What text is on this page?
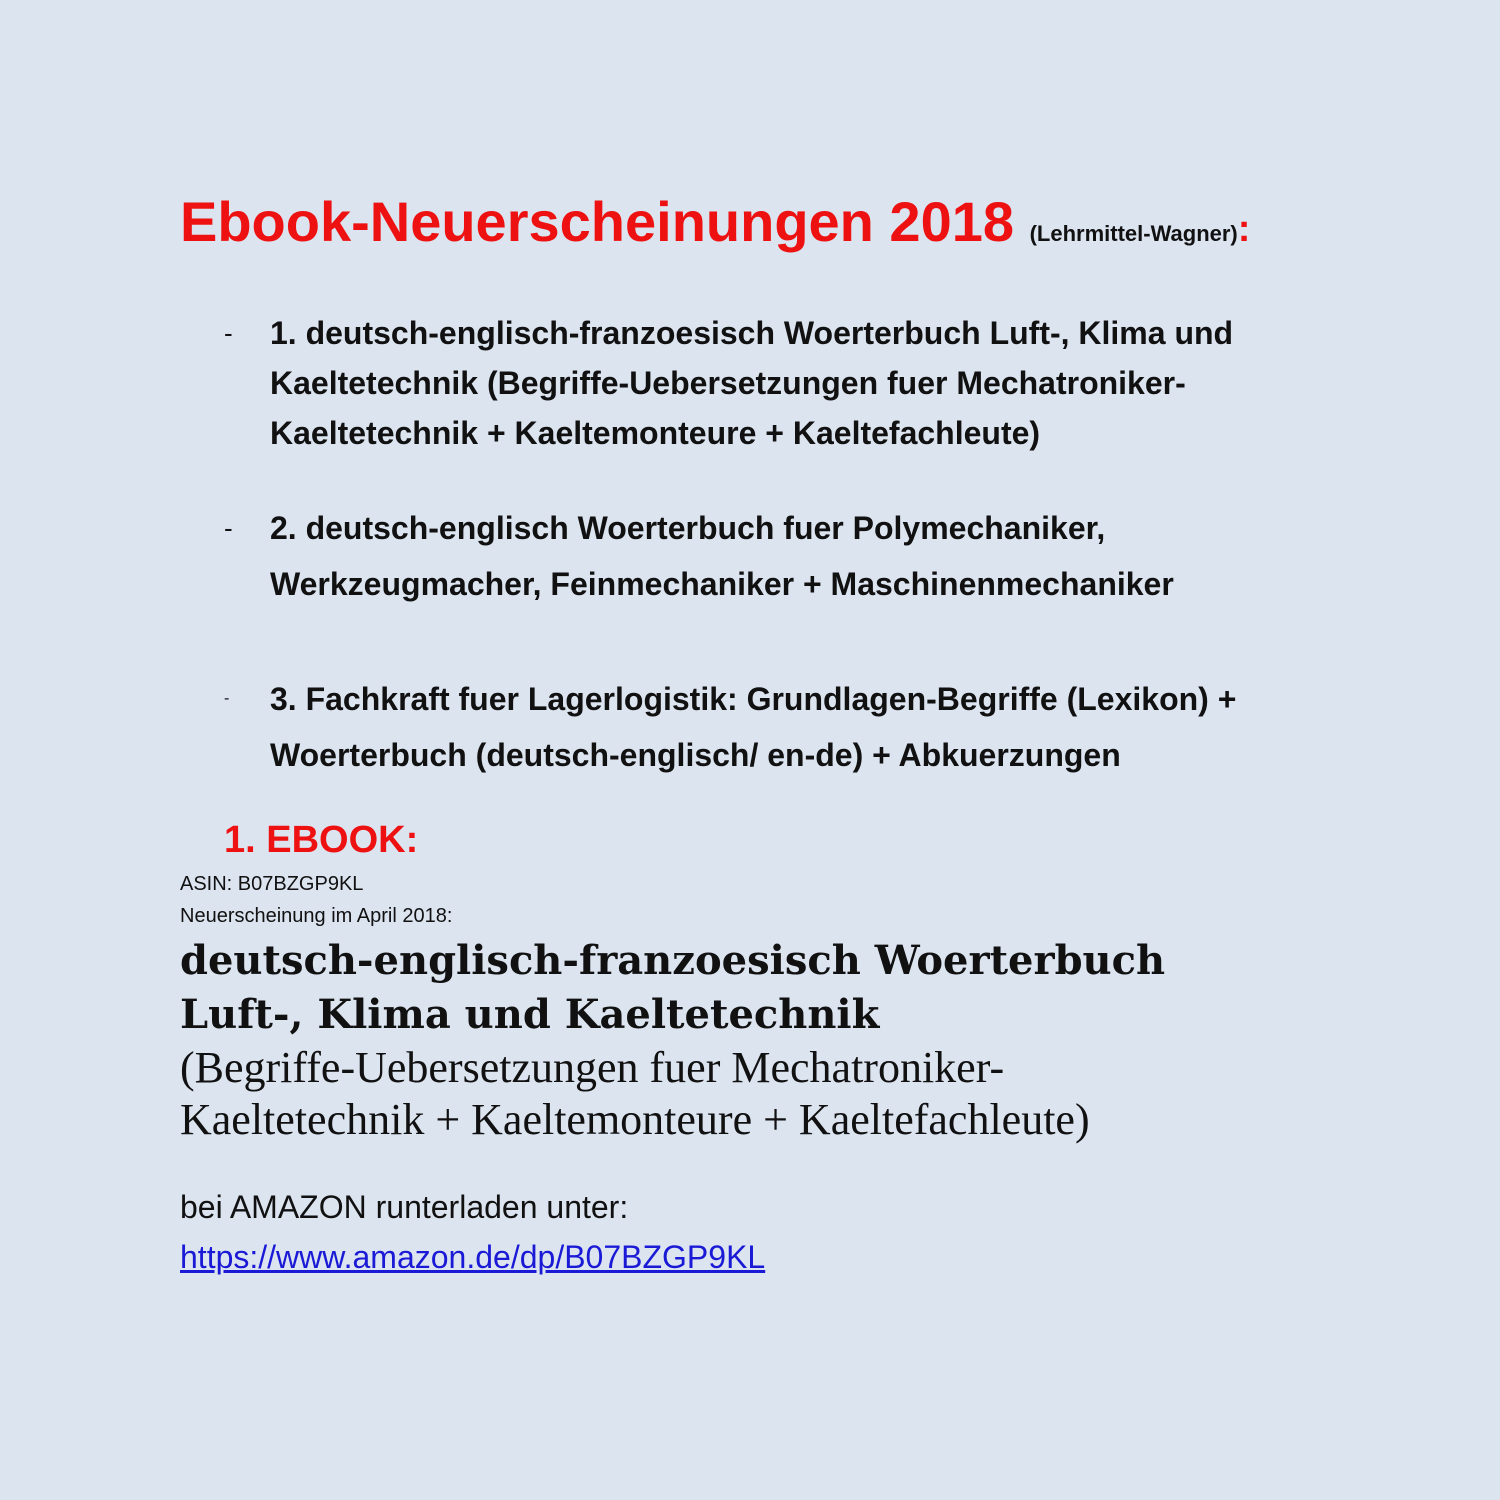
Ebook-Neuerscheinungen 2018 (Lehrmittel-Wagner):
- 1. deutsch-englisch-franzoesisch Woerterbuch Luft-, Klima und Kaeltetechnik (Begriffe-Uebersetzungen fuer Mechatroniker-Kaeltetechnik + Kaeltemonteure + Kaeltefachleute)
- 2. deutsch-englisch Woerterbuch fuer Polymechaniker, Werkzeugmacher, Feinmechaniker + Maschinenmechaniker
- 3. Fachkraft fuer Lagerlogistik: Grundlagen-Begriffe (Lexikon) + Woerterbuch (deutsch-englisch/ en-de) + Abkuerzungen
1. EBOOK:
ASIN: B07BZGP9KL
Neuerscheinung im April 2018:
deutsch-englisch-franzoesisch Woerterbuch
Luft-, Klima und Kaeltetechnik
(Begriffe-Uebersetzungen fuer Mechatroniker-
Kaeltetechnik + Kaeltemonteure + Kaeltefachleute)
bei AMAZON runterladen unter:
https://www.amazon.de/dp/B07BZGP9KL
